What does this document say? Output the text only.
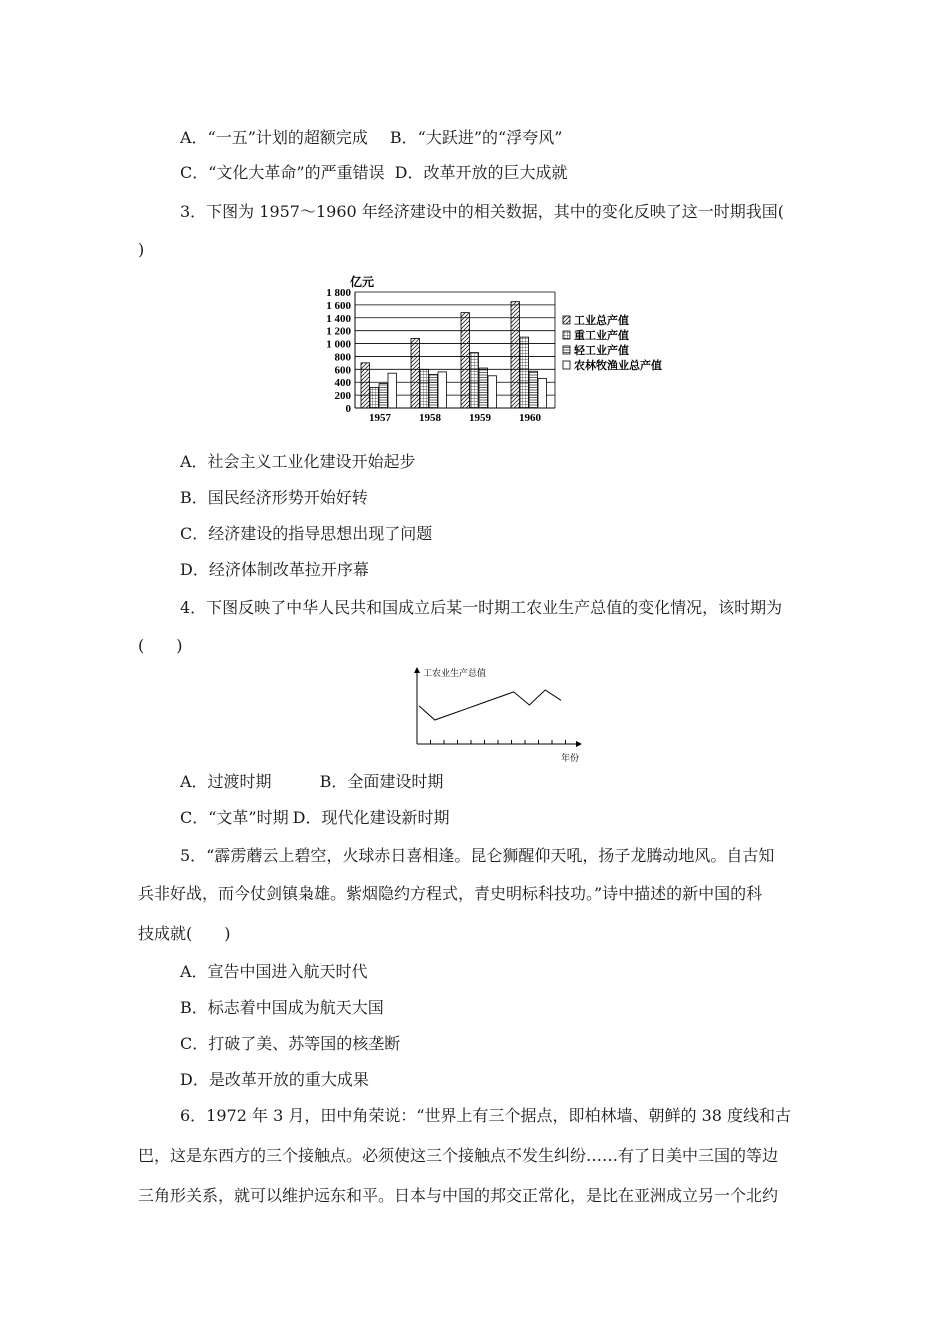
A．“一五”计划的超额完成 B．“大跃进”的“浮夸风”
C．“文化大革命”的严重错误 D．改革开放的巨大成就
3．下图为 1957～1960 年经济建设中的相关数据，其中的变化反映了这一时期我国(
)
亿元
0
200
400
600
800
1 000
1 200
1 400
1 600
1 800
1957	1958	1959	1960
工业总产值
重工业产值
轻工业产值
农林牧渔业总产值
A．社会主义工业化建设开始起步
B．国民经济形势开始好转
C．经济建设的指导思想出现了问题
D．经济体制改革拉开序幕
4．下图反映了中华人民共和国成立后某一时期工农业生产总值的变化情况，该时期为
(　　)
工农业生产总值
年份
A．过渡时期	B．全面建设时期
C．“文革”时期 D．现代化建设新时期
5．“霹雳蘑云上碧空，火球赤日喜相逢。昆仑狮醒仰天吼，扬子龙腾动地风。自古知
兵非好战，而今仗剑镇枭雄。紫烟隐约方程式，青史明标科技功。”诗中描述的新中国的科
技成就(　　)
A．宣告中国进入航天时代
B．标志着中国成为航天大国
C．打破了美、苏等国的核垄断
D．是改革开放的重大成果
6．1972 年 3 月，田中角荣说：“世界上有三个据点，即柏林墙、朝鲜的 38 度线和古
巴，这是东西方的三个接触点。必须使这三个接触点不发生纠纷……有了日美中三国的等边
三角形关系，就可以维护远东和平。日本与中国的邦交正常化，是比在亚洲成立另一个北约
